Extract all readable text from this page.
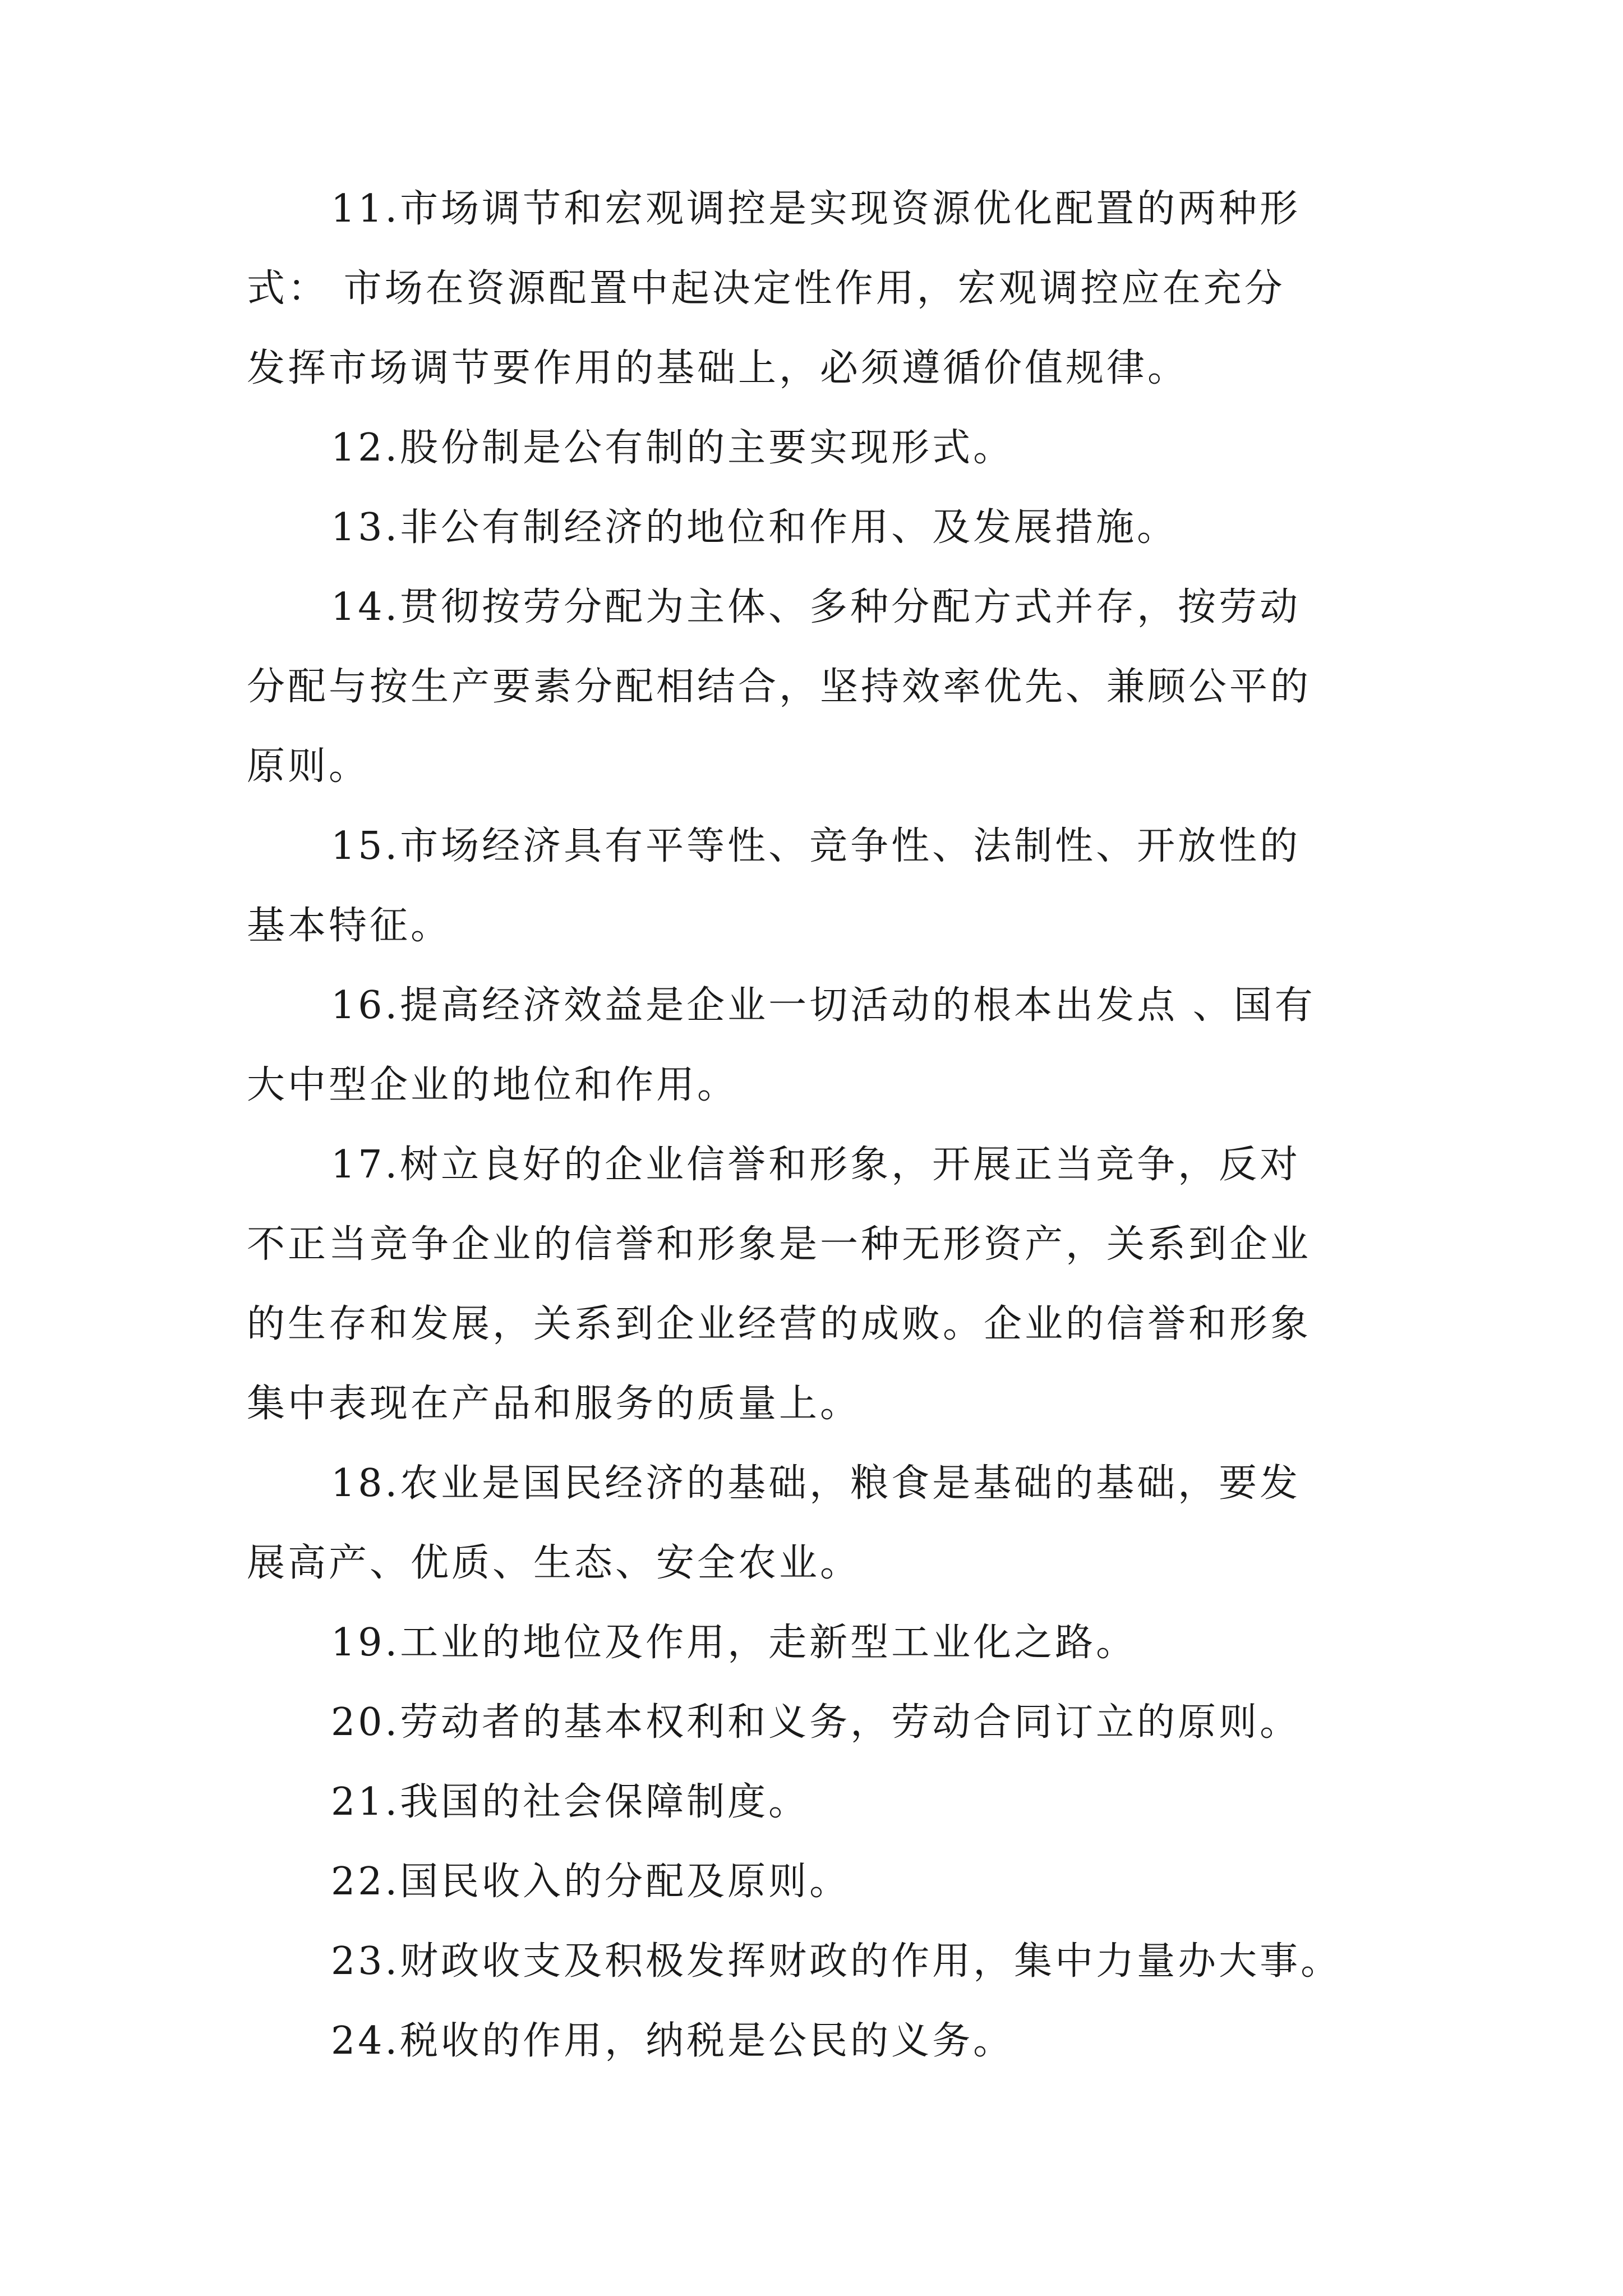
11.市场调节和宏观调控是实现资源优化配置的两种形
式： 市场在资源配置中起决定性作用，宏观调控应在充分
发挥市场调节要作用的基础上，必须遵循价值规律。
12.股份制是公有制的主要实现形式。
13.非公有制经济的地位和作用、及发展措施。
14.贯彻按劳分配为主体、多种分配方式并存，按劳动
分配与按生产要素分配相结合，坚持效率优先、兼顾公平的
原则。
15.市场经济具有平等性、竞争性、法制性、开放性的
基本特征。
16.提高经济效益是企业一切活动的根本出发点 、国有
大中型企业的地位和作用。
17.树立良好的企业信誉和形象，开展正当竞争，反对
不正当竞争企业的信誉和形象是一种无形资产，关系到企业
的生存和发展，关系到企业经营的成败。企业的信誉和形象
集中表现在产品和服务的质量上。
18.农业是国民经济的基础，粮食是基础的基础，要发
展高产、优质、生态、安全农业。
19.工业的地位及作用，走新型工业化之路。
20.劳动者的基本权利和义务，劳动合同订立的原则。
21.我国的社会保障制度。
22.国民收入的分配及原则。
23.财政收支及积极发挥财政的作用，集中力量办大事。
24.税收的作用，纳税是公民的义务。
